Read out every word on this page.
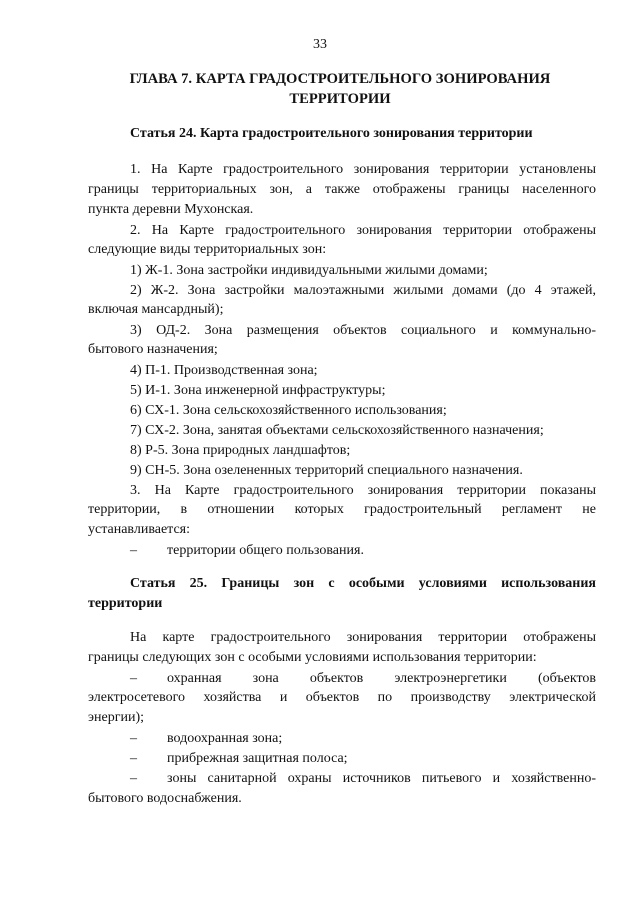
33
ГЛАВА 7. КАРТА ГРАДОСТРОИТЕЛЬНОГО ЗОНИРОВАНИЯ
ТЕРРИТОРИИ
Статья 24. Карта градостроительного зонирования территории
1. На Карте градостроительного зонирования территории установлены
границы территориальных зон, а также отображены границы населенного
пункта деревни Мухонская.
2. На Карте градостроительного зонирования территории отображены
следующие виды территориальных зон:
1) Ж-1. Зона застройки индивидуальными жилыми домами;
2) Ж-2. Зона застройки малоэтажными жилыми домами (до 4 этажей,
включая мансардный);
3) ОД-2. Зона размещения объектов социального и коммунально-
бытового назначения;
4) П-1. Производственная зона;
5) И-1. Зона инженерной инфраструктуры;
6) СХ-1. Зона сельскохозяйственного использования;
7) СХ-2. Зона, занятая объектами сельскохозяйственного назначения;
8) Р-5. Зона природных ландшафтов;
9) СН-5. Зона озелененных территорий специального назначения.
3. На Карте градостроительного зонирования территории показаны
территории, в отношении которых градостроительный регламент не
устанавливается:
– территории общего пользования.
Статья 25. Границы зон с особыми условиями использования
территории
На карте градостроительного зонирования территории отображены
границы следующих зон с особыми условиями использования территории:
– охранная зона объектов электроэнергетики (объектов
электросетевого хозяйства и объектов по производству электрической
энергии);
– водоохранная зона;
– прибрежная защитная полоса;
– зоны санитарной охраны источников питьевого и хозяйственно-
бытового водоснабжения.
